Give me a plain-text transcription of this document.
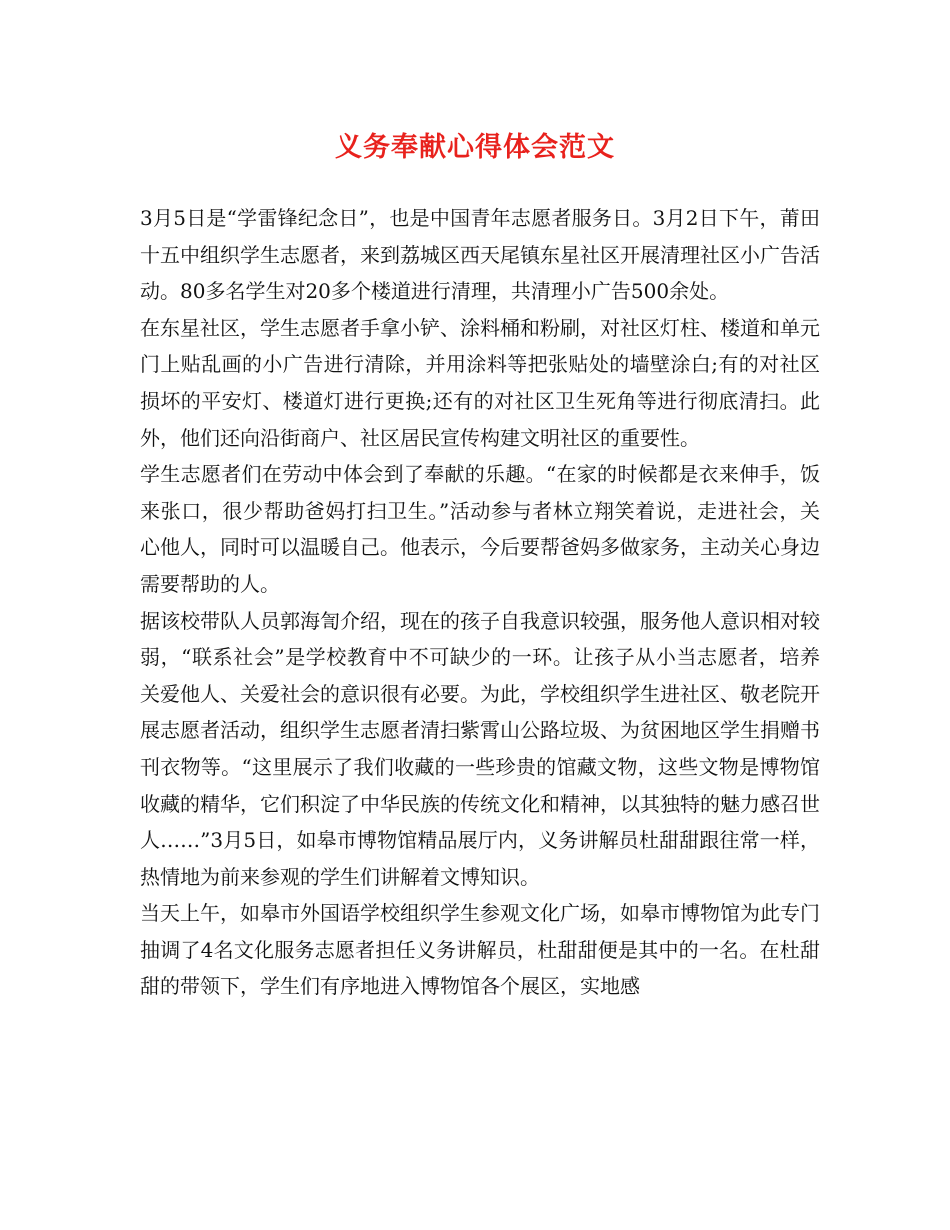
义务奉献心得体会范文

3月5日是“学雷锋纪念日”，也是中国青年志愿者服务日。3月2日下午，莆田十五中组织学生志愿者，来到荔城区西天尾镇东星社区开展清理社区小广告活动。80多名学生对20多个楼道进行清理，共清理小广告500余处。

在东星社区，学生志愿者手拿小铲、涂料桶和粉刷，对社区灯柱、楼道和单元门上贴乱画的小广告进行清除，并用涂料等把张贴处的墙壁涂白;有的对社区损坏的平安灯、楼道灯进行更换;还有的对社区卫生死角等进行彻底清扫。此外，他们还向沿街商户、社区居民宣传构建文明社区的重要性。

学生志愿者们在劳动中体会到了奉献的乐趣。“在家的时候都是衣来伸手，饭来张口，很少帮助爸妈打扫卫生。”活动参与者林立翔笑着说，走进社会，关心他人，同时可以温暖自己。他表示，今后要帮爸妈多做家务，主动关心身边需要帮助的人。

据该校带队人员郭海訇介绍，现在的孩子自我意识较强，服务他人意识相对较弱，“联系社会”是学校教育中不可缺少的一环。让孩子从小当志愿者，培养关爱他人、关爱社会的意识很有必要。为此，学校组织学生进社区、敬老院开展志愿者活动，组织学生志愿者清扫紫霄山公路垃圾、为贫困地区学生捐赠书刊衣物等。“这里展示了我们收藏的一些珍贵的馆藏文物，这些文物是博物馆收藏的精华，它们积淀了中华民族的传统文化和精神，以其独特的魅力感召世人……”3月5日，如皋市博物馆精品展厅内，义务讲解员杜甜甜跟往常一样，热情地为前来参观的学生们讲解着文博知识。

当天上午，如皋市外国语学校组织学生参观文化广场，如皋市博物馆为此专门抽调了4名文化服务志愿者担任义务讲解员，杜甜甜便是其中的一名。在杜甜甜的带领下，学生们有序地进入博物馆各个展区，实地感
